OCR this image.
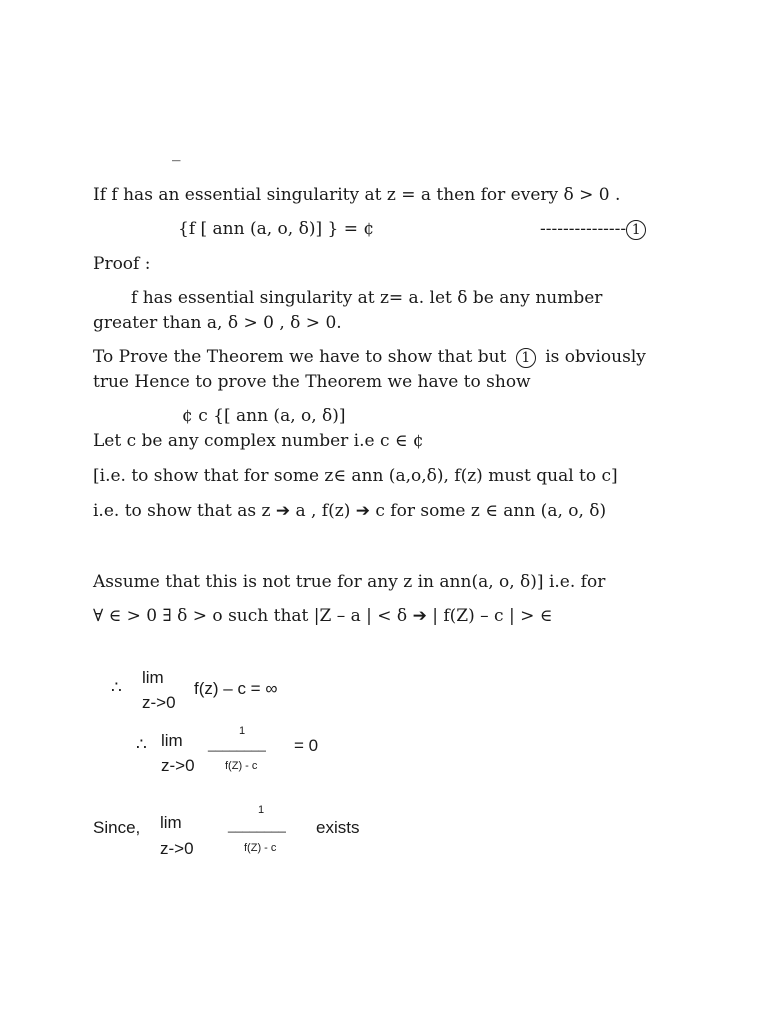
_
If f has an essential singularity at z = a then for every δ > 0 .
{f [ ann (a, o, δ)] } = ¢	--------------- 1
Proof :
f has essential singularity at z= a. let δ be any number
greater than a, δ > 0 , δ > 0.
To Prove the Theorem we have to show that but 1 is obviously
true Hence to prove the Theorem we have to show
¢ c {[ ann (a, o, δ)]
Let c be any complex number i.e c ∈ ¢
[i.e. to show that for some z∈ ann (a,o,δ), f(z) must qual to c]
i.e. to show that as z ➔ a , f(z) ➔ c for some z ∈ ann (a, o, δ)
Assume that this is not true for any z in ann(a, o, δ)] i.e. for
∀ ∈ > 0 ∃ δ > o such that |Z – a | < δ ➔ | f(Z) – c | > ∈
∴
lim
z->0
f(z) – c = ∞
∴ lim
z->0
1
________
f(Z) - c
= 0
Since, lim
z->0
1
________
f(Z) - c
exists
